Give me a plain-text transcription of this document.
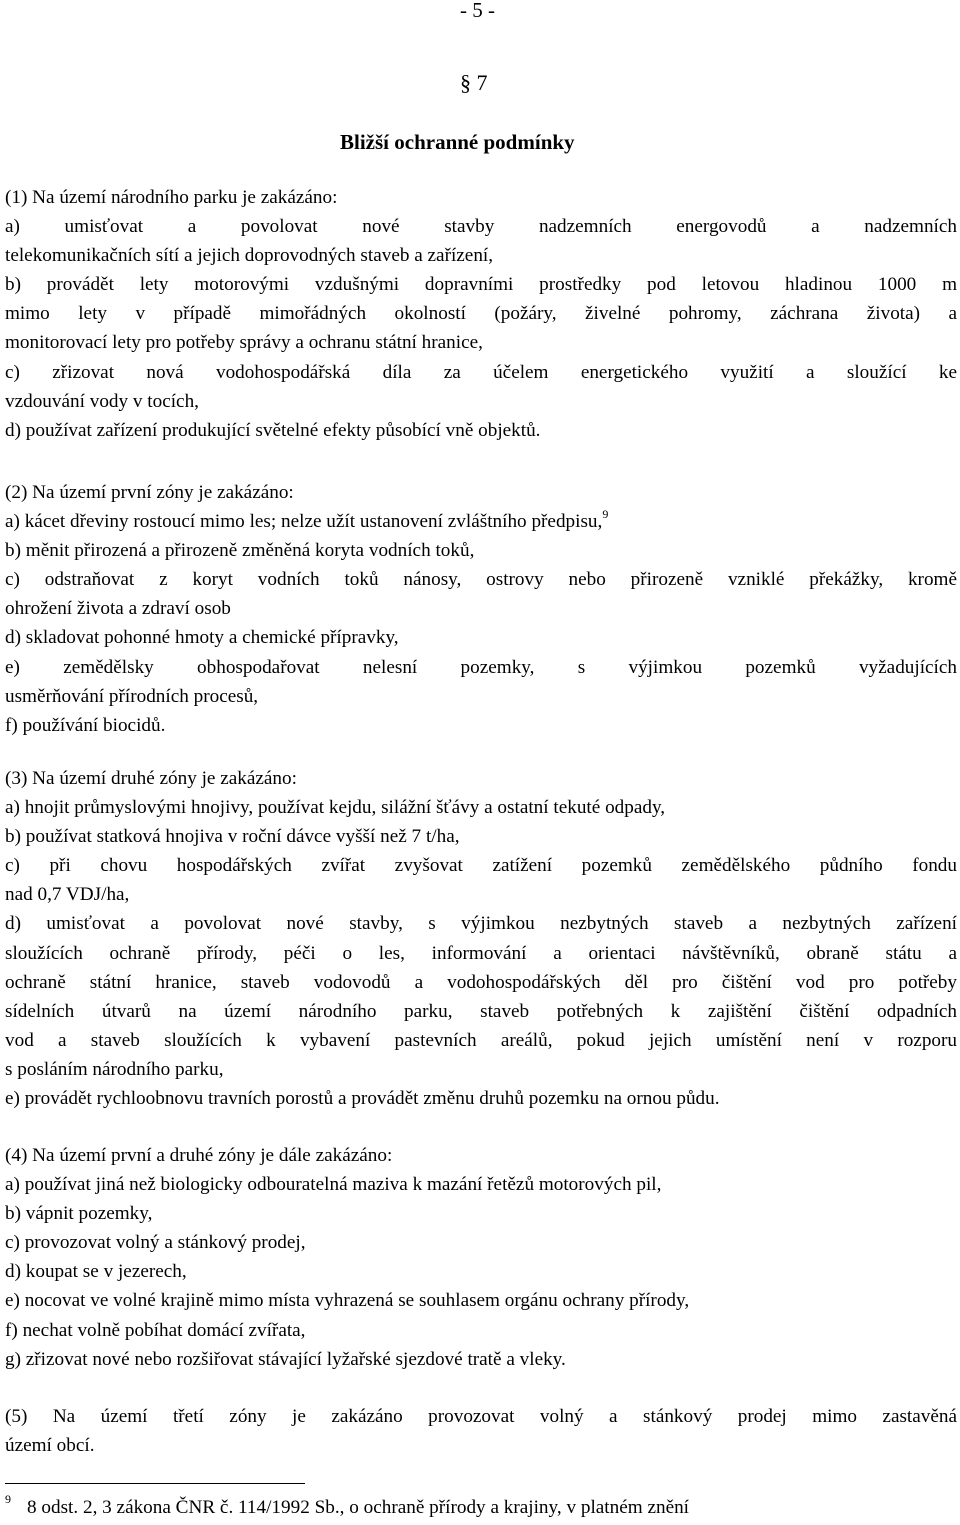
- 5 -
§ 7
Bližší ochranné podmínky
(1) Na území národního parku je zakázáno:
a) umisťovat a povolovat nové stavby nadzemních energovodů a nadzemních
telekomunikačních sítí a jejich doprovodných staveb a zařízení,
b) provádět lety motorovými vzdušnými dopravními prostředky pod letovou hladinou 1000 m
mimo lety v případě mimořádných okolností (požáry, živelné pohromy, záchrana života) a
monitorovací lety pro potřeby správy a ochranu státní hranice,
c) zřizovat nová vodohospodářská díla za účelem energetického využití a sloužící ke
vzdouvání vody v tocích,
d) používat zařízení produkující světelné efekty působící vně objektů.
(2) Na území první zóny je zakázáno:
a) kácet dřeviny rostoucí mimo les; nelze užít ustanovení zvláštního předpisu,$^9$
b) měnit přirozená a přirozeně změněná koryta vodních toků,
c) odstraňovat z koryt vodních toků nánosy, ostrovy nebo přirozeně vzniklé překážky, kromě
ohrožení života a zdraví osob
d) skladovat pohonné hmoty a chemické přípravky,
e) zemědělsky obhospodařovat nelesní pozemky, s výjimkou pozemků vyžadujících
usměrňování přírodních procesů,
f) používání biocidů.
(3) Na území druhé zóny je zakázáno:
a) hnojit průmyslovými hnojivy, používat kejdu, silážní šťávy a ostatní tekuté odpady,
b) používat statková hnojiva v roční dávce vyšší než 7 t/ha,
c) při chovu hospodářských zvířat zvyšovat zatížení pozemků zemědělského půdního fondu
nad 0,7 VDJ/ha,
d) umisťovat a povolovat nové stavby, s výjimkou nezbytných staveb a nezbytných zařízení
sloužících ochraně přírody, péči o les, informování a orientaci návštěvníků, obraně státu a
ochraně státní hranice, staveb vodovodů a vodohospodářských děl pro čištění vod pro potřeby
sídelních útvarů na území národního parku, staveb potřebných k zajištění čištění odpadních
vod a staveb sloužících k vybavení pastevních areálů, pokud jejich umístění není v rozporu
s posláním národního parku,
e) provádět rychloobnovu travních porostů a provádět změnu druhů pozemku na ornou půdu.
(4) Na území první a druhé zóny je dále zakázáno:
a) používat jiná než biologicky odbouratelná maziva k mazání řetězů motorových pil,
b) vápnit pozemky,
c) provozovat volný a stánkový prodej,
d) koupat se v jezerech,
e) nocovat ve volné krajině mimo místa vyhrazená se souhlasem orgánu ochrany přírody,
f) nechat volně pobíhat domácí zvířata,
g) zřizovat nové nebo rozšiřovat stávající lyžařské sjezdové tratě a vleky.
(5) Na území třetí zóny je zakázáno provozovat volný a stánkový prodej mimo zastavěná
území obcí.
$^9$ 8 odst. 2, 3 zákona ČNR č. 114/1992 Sb., o ochraně přírody a krajiny, v platném znění
